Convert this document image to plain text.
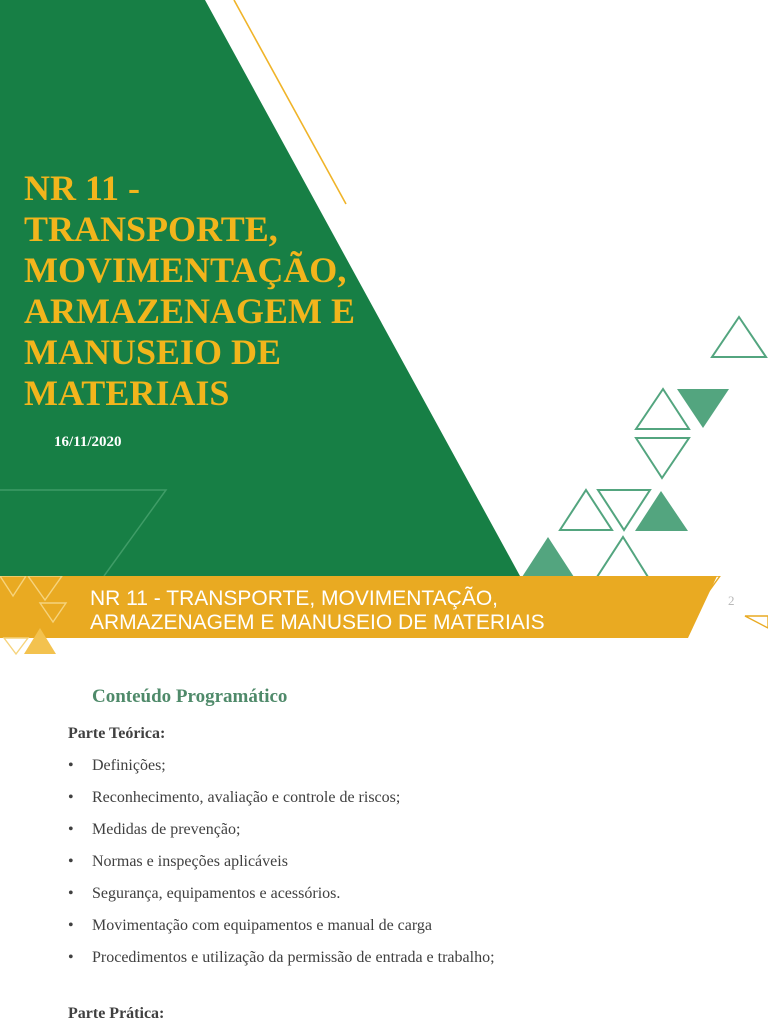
NR 11 -
TRANSPORTE,
MOVIMENTAÇÃO,
ARMAZENAGEM E
MANUSEIO DE
MATERIAIS
16/11/2020
NR 11 - TRANSPORTE, MOVIMENTAÇÃO,
ARMAZENAGEM E MANUSEIO DE MATERIAIS
2
Conteúdo Programático

Parte Teórica:

•	Definições;
•	Reconhecimento, avaliação e controle de riscos;
•	Medidas de prevenção;
•	Normas e inspeções aplicáveis
•	Segurança, equipamentos e acessórios.
•	Movimentação com equipamentos e manual de carga
•	Procedimentos e utilização da permissão de entrada e trabalho;

Parte Prática:
